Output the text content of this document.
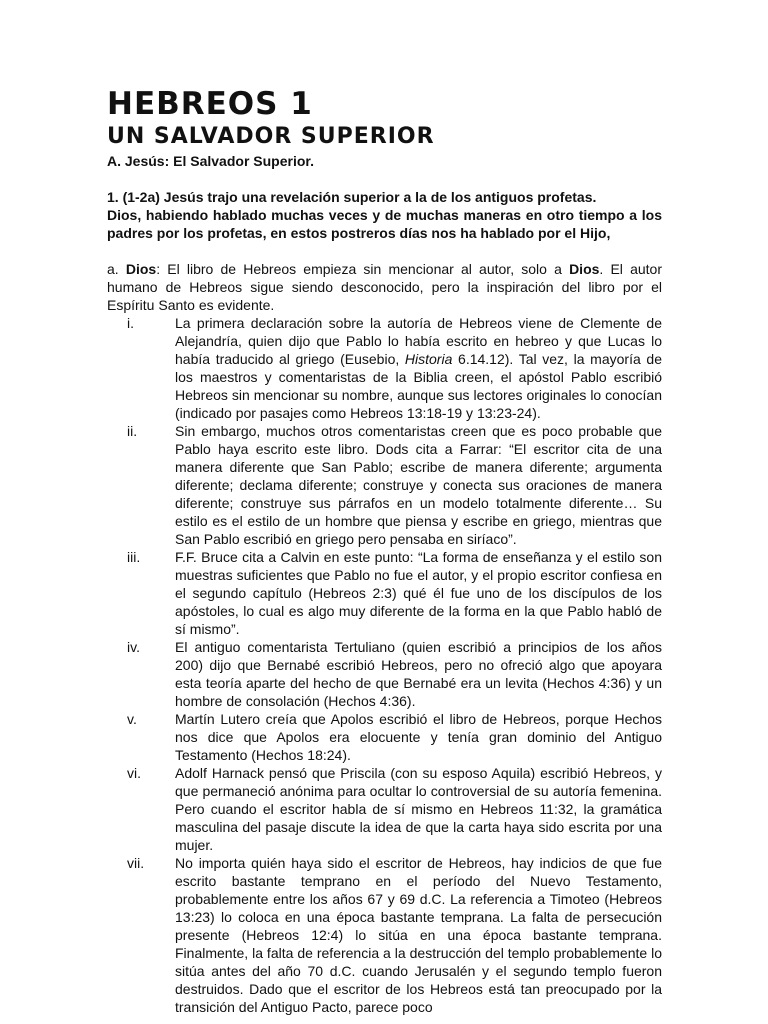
HEBREOS 1
UN SALVADOR SUPERIOR

A. Jesús: El Salvador Superior.

1. (1-2a) Jesús trajo una revelación superior a la de los antiguos profetas.

Dios, habiendo hablado muchas veces y de muchas maneras en otro tiempo a los padres por los profetas, en estos postreros días nos ha hablado por el Hijo,

a. Dios: El libro de Hebreos empieza sin mencionar al autor, solo a Dios. El autor humano de Hebreos sigue siendo desconocido, pero la inspiración del libro por el Espíritu Santo es evidente.

i.	La primera declaración sobre la autoría de Hebreos viene de Clemente de Alejandría, quien dijo que Pablo lo había escrito en hebreo y que Lucas lo había traducido al griego (Eusebio, Historia 6.14.12). Tal vez, la mayoría de los maestros y comentaristas de la Biblia creen, el apóstol Pablo escribió Hebreos sin mencionar su nombre, aunque sus lectores originales lo conocían (indicado por pasajes como Hebreos 13:18-19 y 13:23-24).
ii.	Sin embargo, muchos otros comentaristas creen que es poco probable que Pablo haya escrito este libro. Dods cita a Farrar: “El escritor cita de una manera diferente que San Pablo; escribe de manera diferente; argumenta diferente; declama diferente; construye y conecta sus oraciones de manera diferente; construye sus párrafos en un modelo totalmente diferente… Su estilo es el estilo de un hombre que piensa y escribe en griego, mientras que San Pablo escribió en griego pero pensaba en siríaco”.
iii. F.F. Bruce cita a Calvin en este punto: “La forma de enseñanza y el estilo son muestras suficientes que Pablo no fue el autor, y el propio escritor confiesa en el segundo capítulo (Hebreos 2:3) qué él fue uno de los discípulos de los apóstoles, lo cual es algo muy diferente de la forma en la que Pablo habló de sí mismo”.
iv.	El antiguo comentarista Tertuliano (quien escribió a principios de los años 200) dijo que Bernabé escribió Hebreos, pero no ofreció algo que apoyara esta teoría aparte del hecho de que Bernabé era un levita (Hechos 4:36) y un hombre de consolación (Hechos 4:36).
v.	Martín Lutero creía que Apolos escribió el libro de Hebreos, porque Hechos nos dice que Apolos era elocuente y tenía gran dominio del Antiguo Testamento (Hechos 18:24).
vi. Adolf Harnack pensó que Priscila (con su esposo Aquila) escribió Hebreos, y que permaneció anónima para ocultar lo controversial de su autoría femenina. Pero cuando el escritor habla de sí mismo en Hebreos 11:32, la gramática masculina del pasaje discute la idea de que la carta haya sido escrita por una mujer.
vii. No importa quién haya sido el escritor de Hebreos, hay indicios de que fue escrito bastante temprano en el período del Nuevo Testamento, probablemente entre los años 67 y 69 d.C. La referencia a Timoteo (Hebreos 13:23) lo coloca en una época bastante temprana. La falta de persecución presente (Hebreos 12:4) lo sitúa en una época bastante temprana. Finalmente, la falta de referencia a la destrucción del templo probablemente lo sitúa antes del año 70 d.C. cuando Jerusalén y el segundo templo fueron destruidos. Dado que el escritor de los Hebreos está tan preocupado por la transición del Antiguo Pacto, parece poco
